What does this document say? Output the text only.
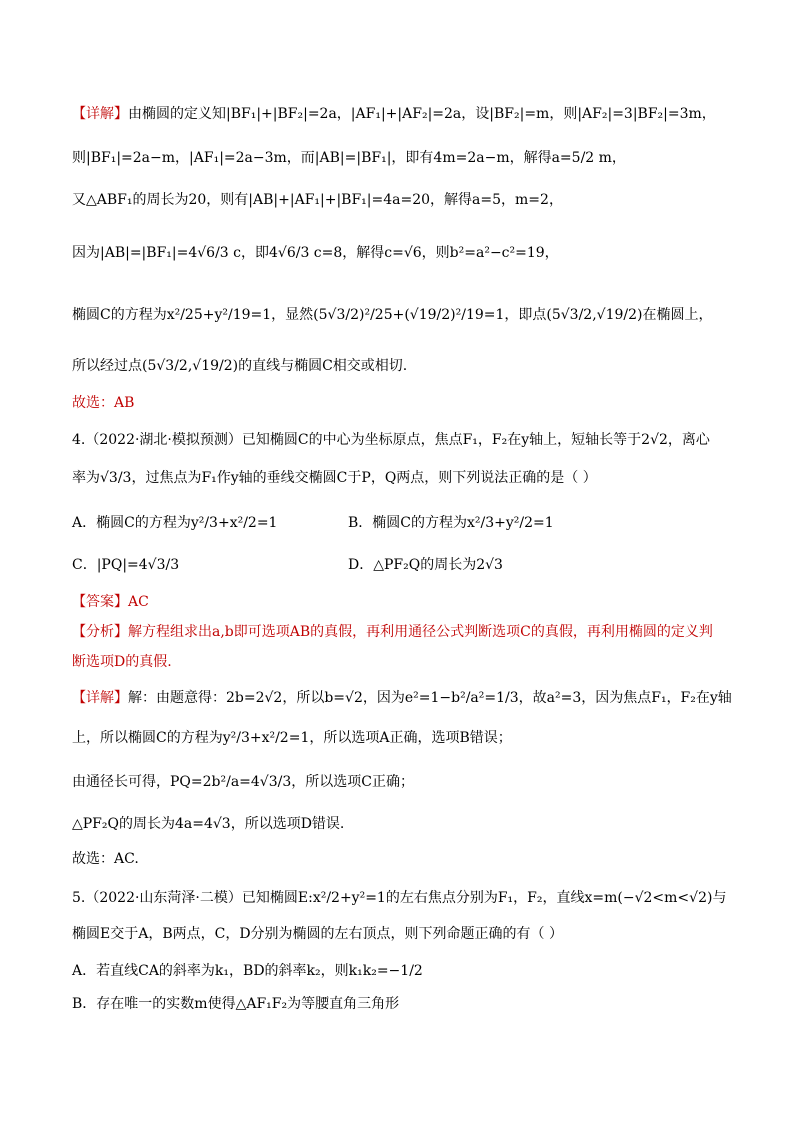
【详解】由椭圆的定义知|BF₁|+|BF₂|=2a，|AF₁|+|AF₂|=2a，设|BF₂|=m，则|AF₂|=3|BF₂|=3m，
则|BF₁|=2a−m，|AF₁|=2a−3m，而|AB|=|BF₁|，即有4m=2a−m，解得a=5/2 m，
又△ABF₁的周长为20，则有|AB|+|AF₁|+|BF₁|=4a=20，解得a=5，m=2，
因为|AB|=|BF₁|=4√6/3 c，即4√6/3 c=8，解得c=√6，则b²=a²−c²=19，
椭圆C的方程为x²/25+y²/19=1，显然(5√3/2)²/25+(√19/2)²/19=1，即点(5√3/2,√19/2)在椭圆上，
所以经过点(5√3/2,√19/2)的直线与椭圆C相交或相切.
故选：AB
4.（2022·湖北·模拟预测）已知椭圆C的中心为坐标原点，焦点F₁，F₂在y轴上，短轴长等于2√2，离心
率为√3/3，过焦点为F₁作y轴的垂线交椭圆C于P，Q两点，则下列说法正确的是（ ）
A．椭圆C的方程为y²/3+x²/2=1	B．椭圆C的方程为x²/3+y²/2=1
C．|PQ|=4√3/3	D．△PF₂Q的周长为2√3
【答案】AC
【分析】解方程组求出a,b即可选项AB的真假，再利用通径公式判断选项C的真假，再利用椭圆的定义判
断选项D的真假.
【详解】解：由题意得：2b=2√2，所以b=√2，因为e²=1−b²/a²=1/3，故a²=3，因为焦点F₁，F₂在y轴
上，所以椭圆C的方程为y²/3+x²/2=1，所以选项A正确，选项B错误；
由通径长可得，PQ=2b²/a=4√3/3，所以选项C正确；
△PF₂Q的周长为4a=4√3，所以选项D错误.
故选：AC.
5.（2022·山东菏泽·二模）已知椭圆E:x²/2+y²=1的左右焦点分别为F₁，F₂，直线x=m(−√2<m<√2)与
椭圆E交于A，B两点，C，D分别为椭圆的左右顶点，则下列命题正确的有（ ）
A．若直线CA的斜率为k₁，BD的斜率k₂，则k₁k₂=−1/2
B．存在唯一的实数m使得△AF₁F₂为等腰直角三角形
